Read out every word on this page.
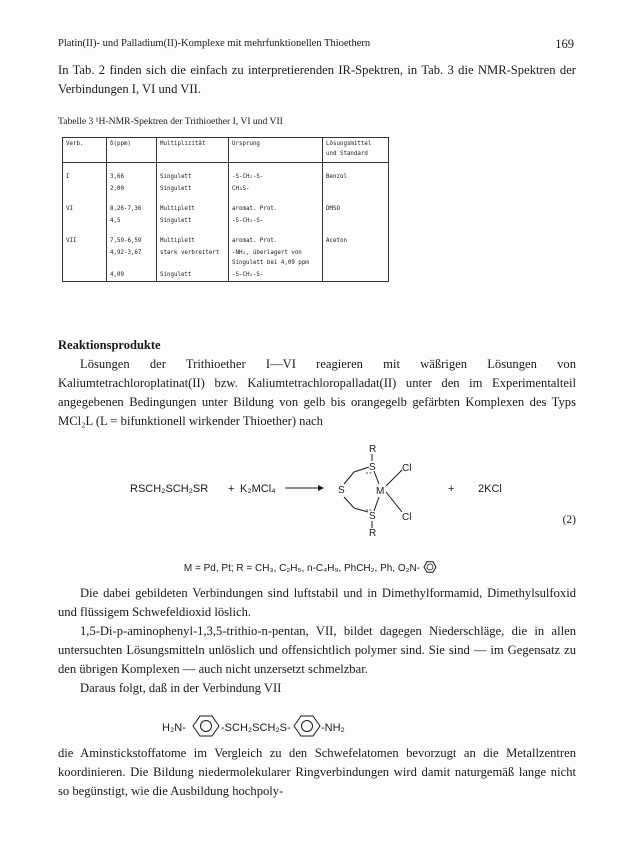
Platin(II)- und Palladium(II)-Komplexe mit mehrfunktionellen Thioethern	169

In Tab. 2 finden sich die einfach zu interpretierenden IR-Spektren, in Tab. 3 die NMR-Spektren der Verbindungen I, VI und VII.

Tabelle 3 ¹H-NMR-Spektren der Trithioether I, VI und VII
Verb.	δ(ppm)	Multiplizität	Ursprung	Lösungsmittel und Standard

I	3,66	Singulett	-S-CH₂-S-	Benzol
	2,00	Singulett	CH₃S-	

VI	8,26-7,36	Multiplett	aromat. Prot.	DMSO
	4,5	Singulett	-S-CH₂-S-	

VII	7,59-6,59	Multiplett	aromat. Prot.	Aceton
	4,92-3,67	stark verbreitert	-NH₂, überlagert von Singulett bei 4,09 ppm	
	4,09	Singulett	-S-CH₂-S-	
Reaktionsprodukte

Lösungen der Trithioether I—VI reagieren mit wäßrigen Lösungen von Kaliumtetrachloroplatinat(II) bzw. Kaliumtetrachloropalladat(II) unter den im Experimentalteil angegebenen Bedingungen unter Bildung von gelb bis orangegelb gefärbten Komplexen des Typs MCl₂L (L = bifunktionell wirkender Thioether) nach

RSCH₂SCH₂SR + K₂MCl₄	+ 2KCl
R
S
S	M
S
R
Cl
Cl	(2)
M = Pd, Pt; R = CH₃, C₂H₅, n-C₄H₉, PhCH₂, Ph, O₂N-

Die dabei gebildeten Verbindungen sind luftstabil und in Dimethylformamid, Dimethylsulfoxid und flüssigem Schwefeldioxid löslich.

1,5-Di-p-aminophenyl-1,3,5-trithio-n-pentan, VII, bildet dagegen Niederschläge, die in allen untersuchten Lösungsmitteln unlöslich und offensichtlich polymer sind. Sie sind — im Gegensatz zu den übrigen Komplexen — auch nicht unzersetzt schmelzbar.

Daraus folgt, daß in der Verbindung VII

H₂N-	-SCH₂SCH₂S-	-NH₂

die Aminstickstoffatome im Vergleich zu den Schwefelatomen bevorzugt an die Metallzentren koordinieren. Die Bildung niedermolekularer Ringverbindungen wird damit naturgemäß lange nicht so begünstigt, wie die Ausbildung hochpoly-
